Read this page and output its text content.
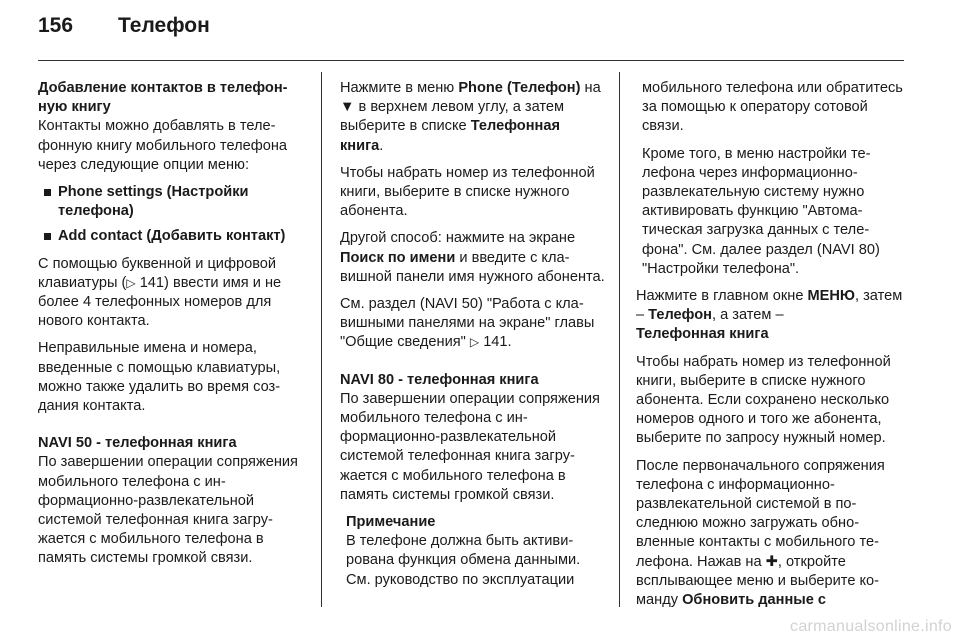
156	Телефон
Добавление контактов в телефонную книгу

Контакты можно добавлять в телефонную книгу мобильного телефона через следующие опции меню:

Phone settings (Настройки телефона)
Add contact (Добавить контакт)

С помощью буквенной и цифровой клавиатуры (▷ 141) ввести имя и не более 4 телефонных номеров для нового контакта.

Неправильные имена и номера, введенные с помощью клавиатуры, можно также удалить во время создания контакта.

NAVI 50 - телефонная книга

По завершении операции сопряжения мобильного телефона с информационно-развлекательной системой телефонная книга загружается с мобильного телефона в память системы громкой связи.

Нажмите в меню Phone (Телефон) на ▼ в верхнем левом углу, а затем выберите в списке Телефонная книга.

Чтобы набрать номер из телефонной книги, выберите в списке нужного абонента.

Другой способ: нажмите на экране Поиск по имени и введите с клавишной панели имя нужного абонента.

См. раздел (NAVI 50) "Работа с клавишными панелями на экране" главы "Общие сведения" ▷ 141.

NAVI 80 - телефонная книга

По завершении операции сопряжения мобильного телефона с информационно-развлекательной системой телефонная книга загружается с мобильного телефона в память системы громкой связи.

Примечание
В телефоне должна быть активирована функция обмена данными. См. руководство по эксплуатации

мобильного телефона или обратитесь за помощью к оператору сотовой связи.

Кроме того, в меню настройки телефона через информационно-развлекательную систему нужно активировать функцию "Автоматическая загрузка данных с телефона". См. далее раздел (NAVI 80) "Настройки телефона".

Нажмите в главном окне МЕНЮ, затем – Телефон, а затем –
Телефонная книга

Чтобы набрать номер из телефонной книги, выберите в списке нужного абонента. Если сохранено несколько номеров одного и того же абонента, выберите по запросу нужный номер.

После первоначального сопряжения телефона с информационно-развлекательной системой в последнюю можно загружать обновленные контакты с мобильного телефона. Нажав на ✚, откройте всплывающее меню и выберите команду Обновить данные с

carmanualsonline.info
